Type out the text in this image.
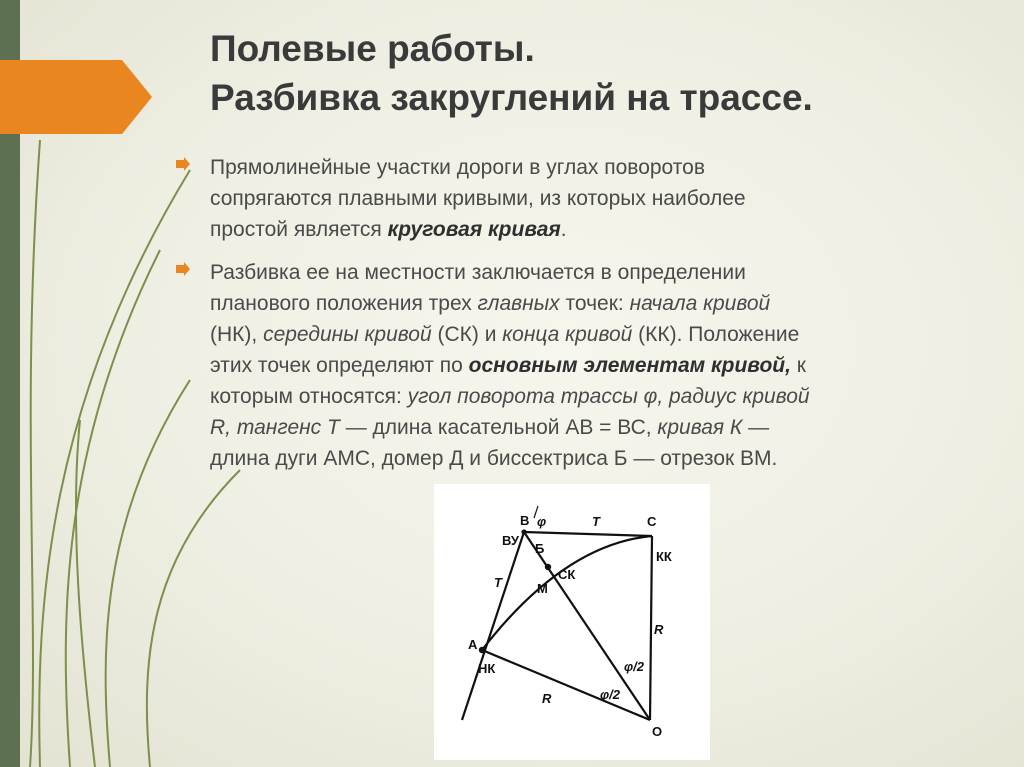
Полевые работы.
Разбивка закруглений на трассе.
Прямолинейные участки дороги в углах поворотов
сопрягаются плавными кривыми, из которых наиболее
простой является круговая кривая.
Разбивка ее на местности заключается в определении
планового положения трех главных точек: начала кривой
(НК), середины кривой (СК) и конца кривой (КК). Положение
этих точек определяют по основным элементам кривой, к
которым относятся: угол поворота трассы φ, радиус кривой
R, тангенс T — длина касательной АВ = ВС, кривая К —
длина дуги АМС, домер Д и биссектриса Б — отрезок ВМ.
B φ	T	C
ВУ
Б
КК
СК
М
Т
R
А
НК	φ/2
R	φ/2
О
